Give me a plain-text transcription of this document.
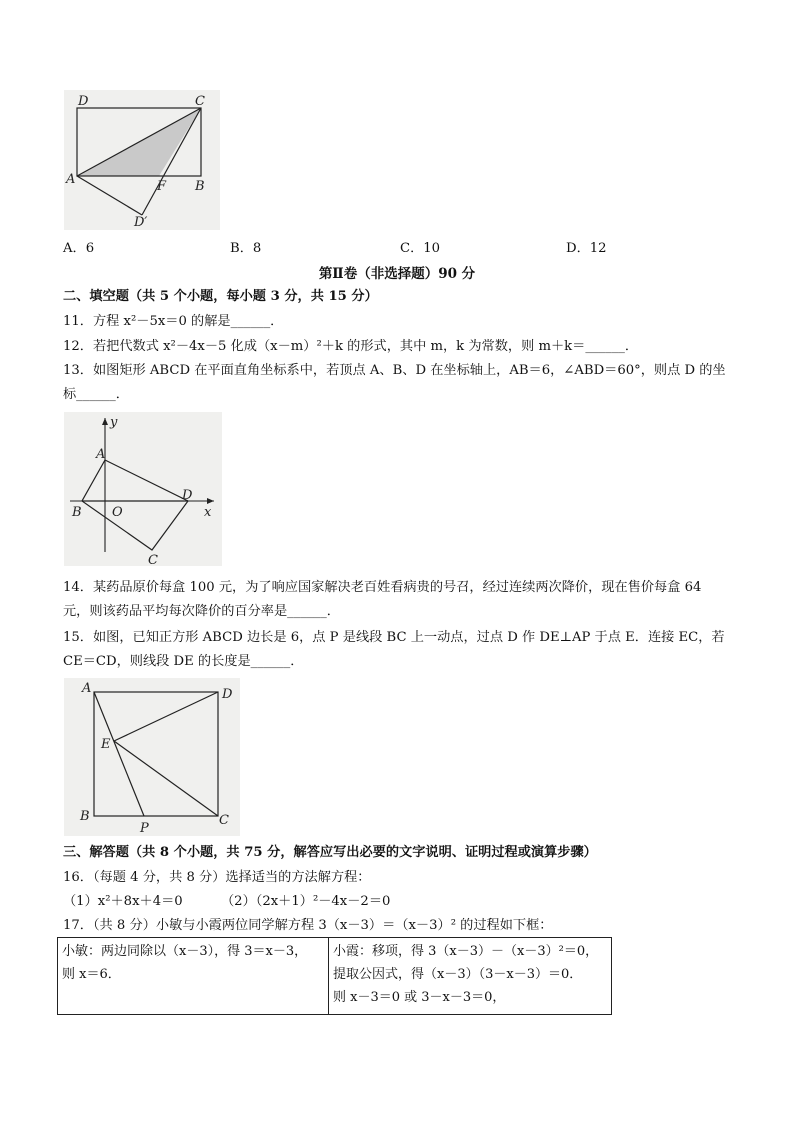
D	C
A	F B
D′
A．6	B．8	C．10	D．12
第Ⅱ卷（非选择题）90 分
二、填空题（共 5 个小题，每小题 3 分，共 15 分）
11．方程 x²－5x＝0 的解是______．
12．若把代数式 x²－4x－5 化成（x－m）²＋k 的形式，其中 m，k 为常数，则 m＋k＝______．
13．如图矩形 ABCD 在平面直角坐标系中，若顶点 A、B、D 在坐标轴上，AB＝6，∠ABD＝60°，则点 D 的坐
标______．
y
A
D
B O	x
C
14．某药品原价每盒 100 元，为了响应国家解决老百姓看病贵的号召，经过连续两次降价，现在售价每盒 64
元，则该药品平均每次降价的百分率是______．
15．如图，已知正方形 ABCD 边长是 6，点 P 是线段 BC 上一动点，过点 D 作 DE⊥AP 于点 E．连接 EC，若
CE＝CD，则线段 DE 的长度是______．
A	D
E
B
P
C
三、解答题（共 8 个小题，共 75 分，解答应写出必要的文字说明、证明过程或演算步骤）
16．（每题 4 分，共 8 分）选择适当的方法解方程：
（1）x²＋8x＋4＝0	（2）（2x＋1）²－4x－2＝0
17．（共 8 分）小敏与小霞两位同学解方程 3（x－3）＝（x－3）² 的过程如下框：
小敏：两边同除以（x－3），得 3＝x－3，
则 x＝6．

小霞：移项，得 3（x－3）－（x－3）²＝0，
提取公因式，得（x－3）（3－x－3）＝0．
则 x－3＝0 或 3－x－3＝0，
